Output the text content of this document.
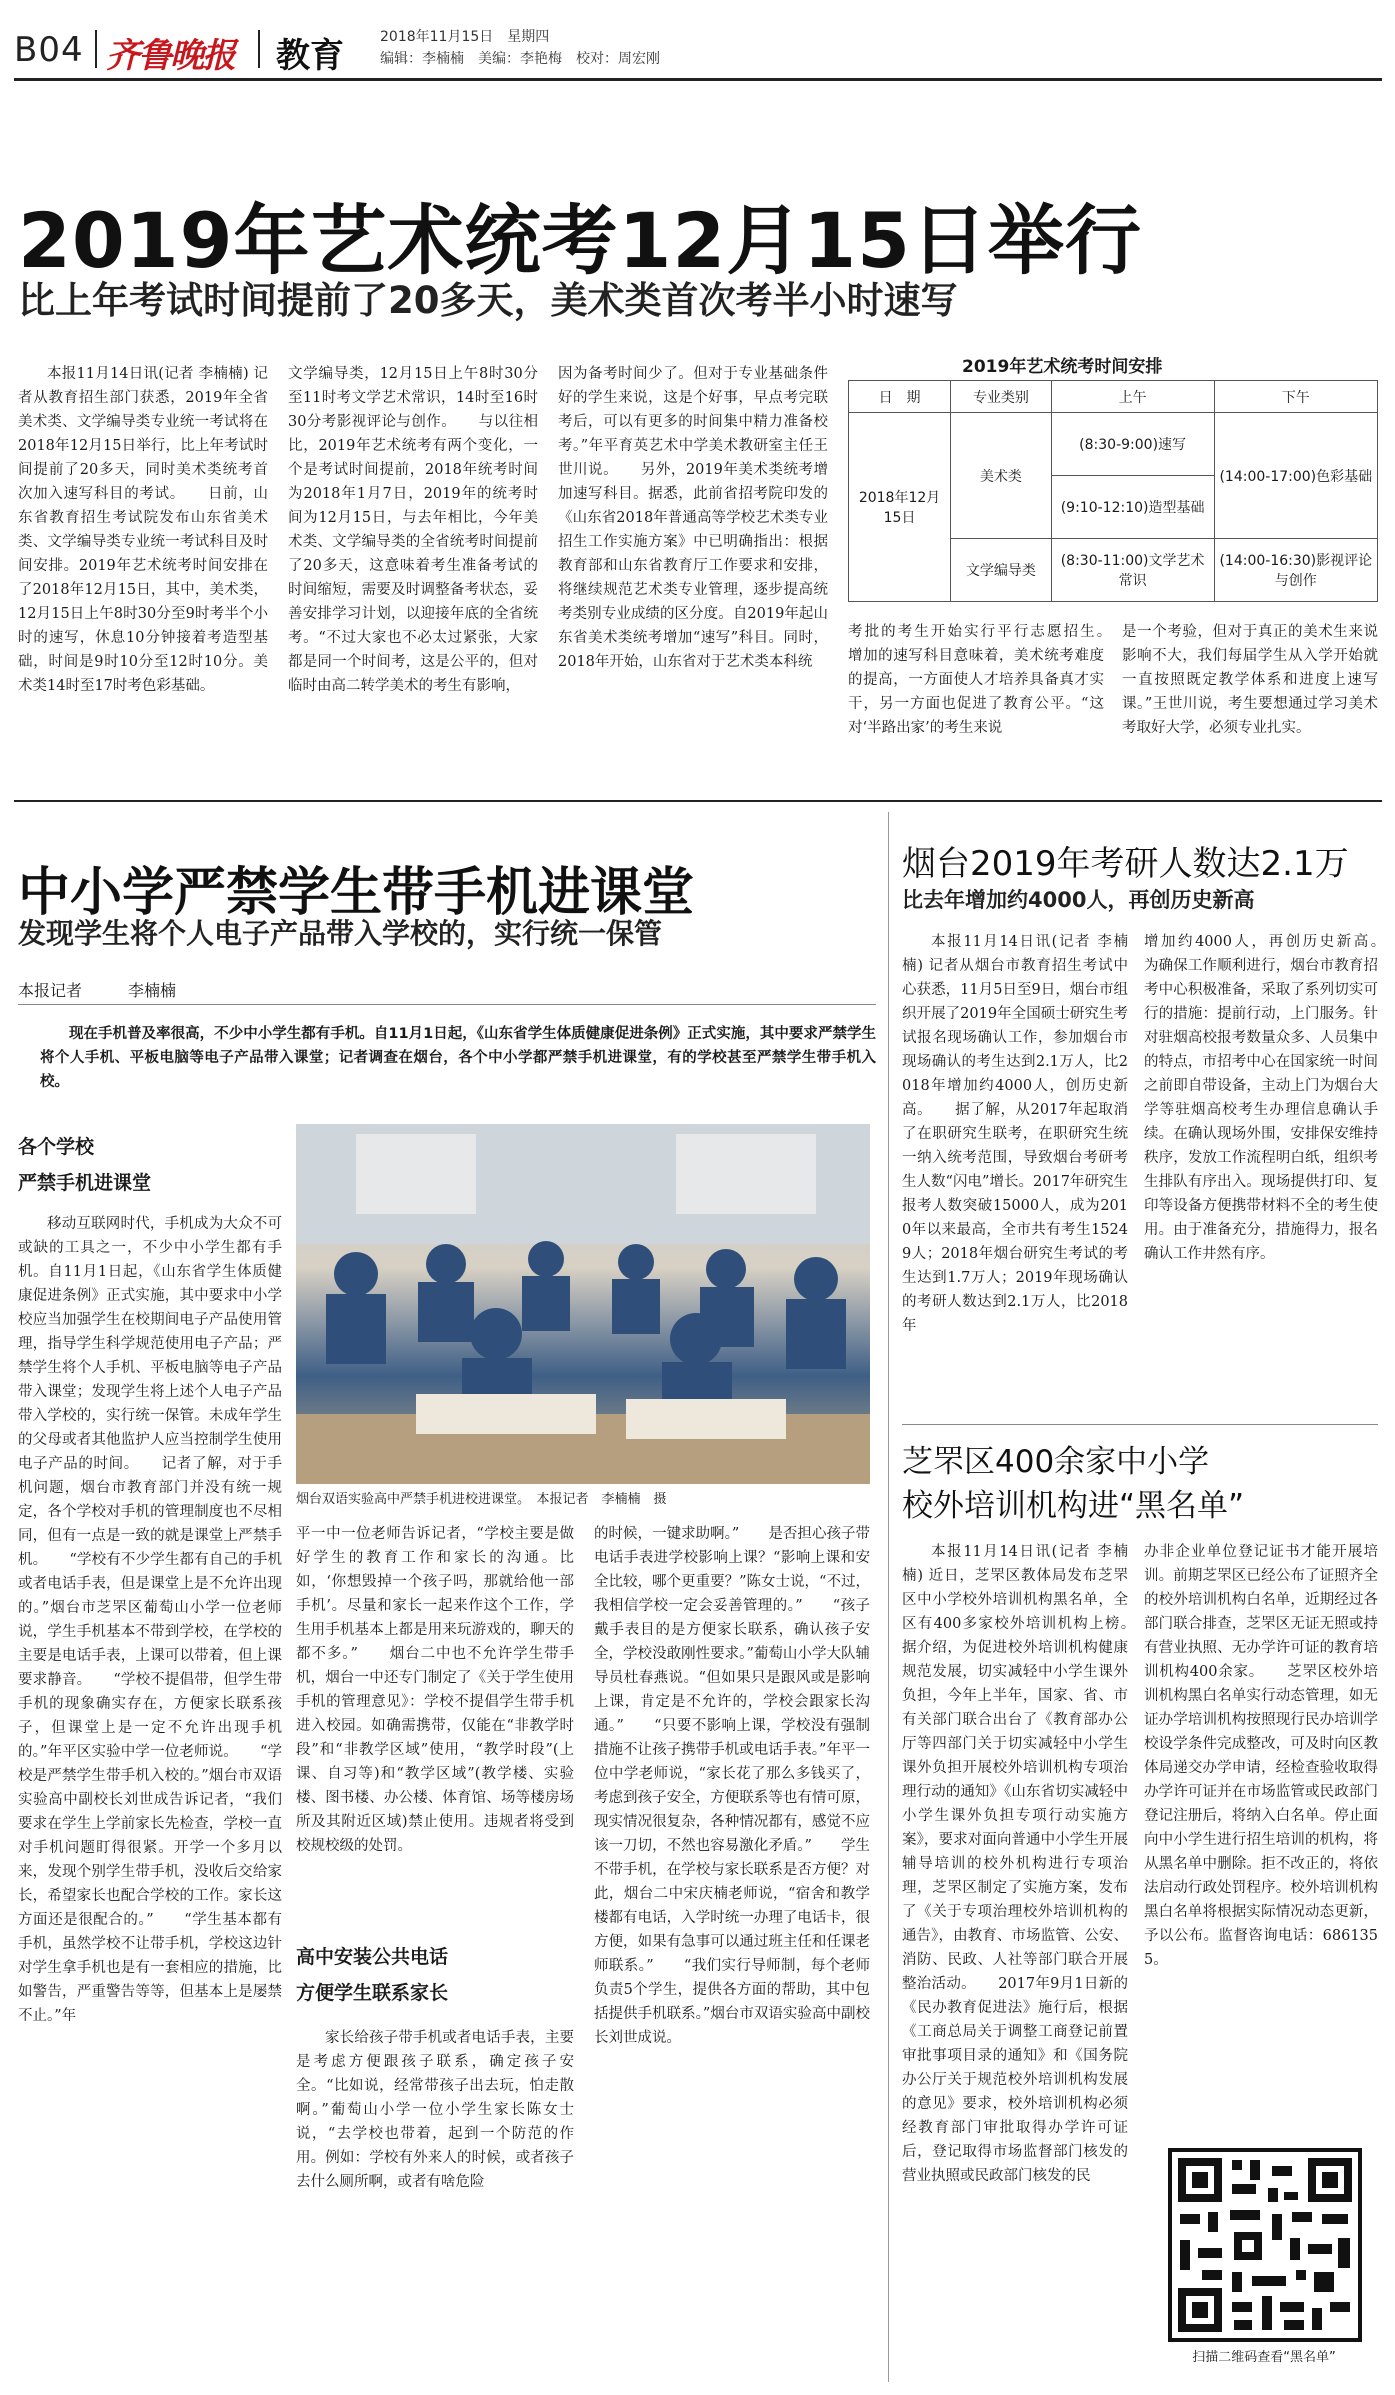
B04 齐鲁晚报 教育	2018年11月15日　星期四
编辑：李楠楠　美编：李艳梅　校对：周宏刚
2019年艺术统考12月15日举行
比上年考试时间提前了20多天，美术类首次考半小时速写
本报11月14日讯(记者 李楠楠) 记者从教育招生部门获悉，2019年全省美术类、文学编导类专业统一考试将在2018年12月15日举行，比上年考试时间提前了20多天，同时美术类统考首次加入速写科目的考试。　　日前，山东省教育招生考试院发布山东省美术类、文学编导类专业统一考试科目及时间安排。2019年艺术统考时间安排在了2018年12月15日，其中，美术类，12月15日上午8时30分至9时考半个小时的速写，休息10分钟接着考造型基础，时间是9时10分至12时10分。美术类14时至17时考色彩基础。
文学编导类，12月15日上午8时30分至11时考文学艺术常识，14时至16时30分考影视评论与创作。　　与以往相比，2019年艺术统考有两个变化，一个是考试时间提前，2018年统考时间为2018年1月7日，2019年的统考时间为12月15日，与去年相比，今年美术类、文学编导类的全省统考时间提前了20多天，这意味着考生准备考试的时间缩短，需要及时调整备考状态，妥善安排学习计划，以迎接年底的全省统考。“不过大家也不必太过紧张，大家都是同一个时间考，这是公平的，但对临时由高二转学美术的考生有影响，
因为备考时间少了。但对于专业基础条件好的学生来说，这是个好事，早点考完联考后，可以有更多的时间集中精力准备校考。”年平育英艺术中学美术教研室主任王世川说。　　另外，2019年美术类统考增加速写科目。据悉，此前省招考院印发的《山东省2018年普通高等学校艺术类专业招生工作实施方案》中已明确指出：根据教育部和山东省教育厅工作要求和安排，将继续规范艺术类专业管理，逐步提高统考类别专业成绩的区分度。自2019年起山东省美术类统考增加“速写”科目。同时，2018年开始，山东省对于艺术类本科统
2019年艺术统考时间安排
日　期	专业类别	上午	下午
2018年12月15日	美术类	(8:30-9:00)速写	(14:00-17:00)色彩基础
		(9:10-12:10)造型基础	
	文学编导类	(8:30-11:00)文学艺术常识	(14:00-16:30)影视评论与创作
考批的考生开始实行平行志愿招生。　　增加的速写科目意味着，美术统考难度的提高，一方面使人才培养具备真才实干，另一方面也促进了教育公平。“这对‘半路出家’的考生来说
是一个考验，但对于真正的美术生来说影响不大，我们每届学生从入学开始就一直按照既定教学体系和进度上速写课。”王世川说，考生要想通过学习美术考取好大学，必须专业扎实。
中小学严禁学生带手机进课堂
发现学生将个人电子产品带入学校的，实行统一保管
本报记者	李楠楠
现在手机普及率很高，不少中小学生都有手机。自11月1日起，《山东省学生体质健康促进条例》正式实施，其中要求严禁学生将个人手机、平板电脑等电子产品带入课堂；记者调查在烟台，各个中小学都严禁手机进课堂，有的学校甚至严禁学生带手机入校。
各个学校
严禁手机进课堂
移动互联网时代，手机成为大众不可或缺的工具之一，不少中小学生都有手机。自11月1日起，《山东省学生体质健康促进条例》正式实施，其中要求中小学校应当加强学生在校期间电子产品使用管理，指导学生科学规范使用电子产品；严禁学生将个人手机、平板电脑等电子产品带入课堂；发现学生将上述个人电子产品带入学校的，实行统一保管。未成年学生的父母或者其他监护人应当控制学生使用电子产品的时间。　　记者了解，对于手机问题，烟台市教育部门并没有统一规定，各个学校对手机的管理制度也不尽相同，但有一点是一致的就是课堂上严禁手机。　　“学校有不少学生都有自己的手机或者电话手表，但是课堂上是不允许出现的。”烟台市芝罘区葡萄山小学一位老师说，学生手机基本不带到学校，在学校的主要是电话手表，上课可以带着，但上课要求静音。　　“学校不提倡带，但学生带手机的现象确实存在，方便家长联系孩子，但课堂上是一定不允许出现手机的。”年平区实验中学一位老师说。　　“学校是严禁学生带手机入校的。”烟台市双语实验高中副校长刘世成告诉记者，“我们要求在学生上学前家长先检查，学校一直对手机问题盯得很紧。开学一个多月以来，发现个别学生带手机，没收后交给家长，希望家长也配合学校的工作。家长这方面还是很配合的。”　　“学生基本都有手机，虽然学校不让带手机，学校这边针对学生拿手机也是有一套相应的措施，比如警告，严重警告等等，但基本上是屡禁不止。”年
烟台双语实验高中严禁手机进校进课堂。　本报记者　李楠楠　摄
平一中一位老师告诉记者，“学校主要是做好学生的教育工作和家长的沟通。比如，‘你想毁掉一个孩子吗，那就给他一部手机’。尽量和家长一起来作这个工作，学生用手机基本上都是用来玩游戏的，聊天的都不多。”　　烟台二中也不允许学生带手机，烟台一中还专门制定了《关于学生使用手机的管理意见》：学校不提倡学生带手机进入校园。如确需携带，仅能在“非教学时段”和“非教学区域”使用，“教学时段”(上课、自习等)和“教学区域”(教学楼、实验楼、图书楼、办公楼、体育馆、场等楼房场所及其附近区域)禁止使用。违规者将受到校规校级的处罚。
高中安装公共电话
方便学生联系家长
家长给孩子带手机或者电话手表，主要是考虑方便跟孩子联系，确定孩子安全。“比如说，经常带孩子出去玩，怕走散啊。”葡萄山小学一位小学生家长陈女士说，“去学校也带着，起到一个防范的作用。例如：学校有外来人的时候，或者孩子去什么厕所啊，或者有啥危险
的时候，一键求助啊。”　　是否担心孩子带电话手表进学校影响上课？“影响上课和安全比较，哪个更重要？”陈女士说，“不过，我相信学校一定会妥善管理的。”　　“孩子戴手表目的是方便家长联系，确认孩子安全，学校没敢刚性要求。”葡萄山小学大队辅导员杜春燕说。“但如果只是跟风或是影响上课，肯定是不允许的，学校会跟家长沟通。”　　“只要不影响上课，学校没有强制措施不让孩子携带手机或电话手表。”年平一位中学老师说，“家长花了那么多钱买了，考虑到孩子安全，方便联系等也有情可原，现实情况很复杂，各种情况都有，感觉不应该一刀切，不然也容易激化矛盾。”　　学生不带手机，在学校与家长联系是否方便？对此，烟台二中宋庆楠老师说，“宿舍和教学楼都有电话，入学时统一办理了电话卡，很方便，如果有急事可以通过班主任和任课老师联系。”　　“我们实行导师制，每个老师负责5个学生，提供各方面的帮助，其中包括提供手机联系。”烟台市双语实验高中副校长刘世成说。
烟台2019年考研人数达2.1万
比去年增加约4000人，再创历史新高
本报11月14日讯(记者 李楠楠) 记者从烟台市教育招生考试中心获悉，11月5日至9日，烟台市组织开展了2019年全国硕士研究生考试报名现场确认工作，参加烟台市现场确认的考生达到2.1万人，比2018年增加约4000人，创历史新高。　　据了解，从2017年起取消了在职研究生联考，在职研究生统一纳入统考范围，导致烟台考研考生人数“闪电”增长。2017年研究生报考人数突破15000人，成为2010年以来最高，全市共有考生15249人；2018年烟台研究生考试的考生达到1.7万人；2019年现场确认的考研人数达到2.1万人，比2018年
增加约4000人，再创历史新高。　　为确保工作顺利进行，烟台市教育招考中心积极准备，采取了系列切实可行的措施：提前行动，上门服务。针对驻烟高校报考数量众多、人员集中的特点，市招考中心在国家统一时间之前即自带设备，主动上门为烟台大学等驻烟高校考生办理信息确认手续。在确认现场外围，安排保安维持秩序，发放工作流程明白纸，组织考生排队有序出入。现场提供打印、复印等设备方便携带材料不全的考生使用。由于准备充分，措施得力，报名确认工作井然有序。
芝罘区400余家中小学
校外培训机构进“黑名单”
本报11月14日讯(记者 李楠楠) 近日，芝罘区教体局发布芝罘区中小学校外培训机构黑名单，全区有400多家校外培训机构上榜。　　据介绍，为促进校外培训机构健康规范发展，切实减轻中小学生课外负担，今年上半年，国家、省、市有关部门联合出台了《教育部办公厅等四部门关于切实减轻中小学生课外负担开展校外培训机构专项治理行动的通知》《山东省切实减轻中小学生课外负担专项行动实施方案》，要求对面向普通中小学生开展辅导培训的校外机构进行专项治理，芝罘区制定了实施方案，发布了《关于专项治理校外培训机构的通告》，由教育、市场监管、公安、消防、民政、人社等部门联合开展整治活动。　　2017年9月1日新的《民办教育促进法》施行后，根据《工商总局关于调整工商登记前置审批事项目录的通知》和《国务院办公厅关于规范校外培训机构发展的意见》要求，校外培训机构必须经教育部门审批取得办学许可证后，登记取得市场监督部门核发的营业执照或民政部门核发的民
办非企业单位登记证书才能开展培训。前期芝罘区已经公布了证照齐全的校外培训机构白名单，近期经过各部门联合排查，芝罘区无证无照或持有营业执照、无办学许可证的教育培训机构400余家。　　芝罘区校外培训机构黑白名单实行动态管理，如无证办学培训机构按照现行民办培训学校设学条件完成整改，可及时向区教体局递交办学申请，经检查验收取得办学许可证并在市场监管或民政部门登记注册后，将纳入白名单。停止面向中小学生进行招生培训的机构，将从黑名单中删除。拒不改正的，将依法启动行政处罚程序。校外培训机构黑白名单将根据实际情况动态更新，予以公布。监督咨询电话：6861355。
扫描二维码查看“黑名单”
